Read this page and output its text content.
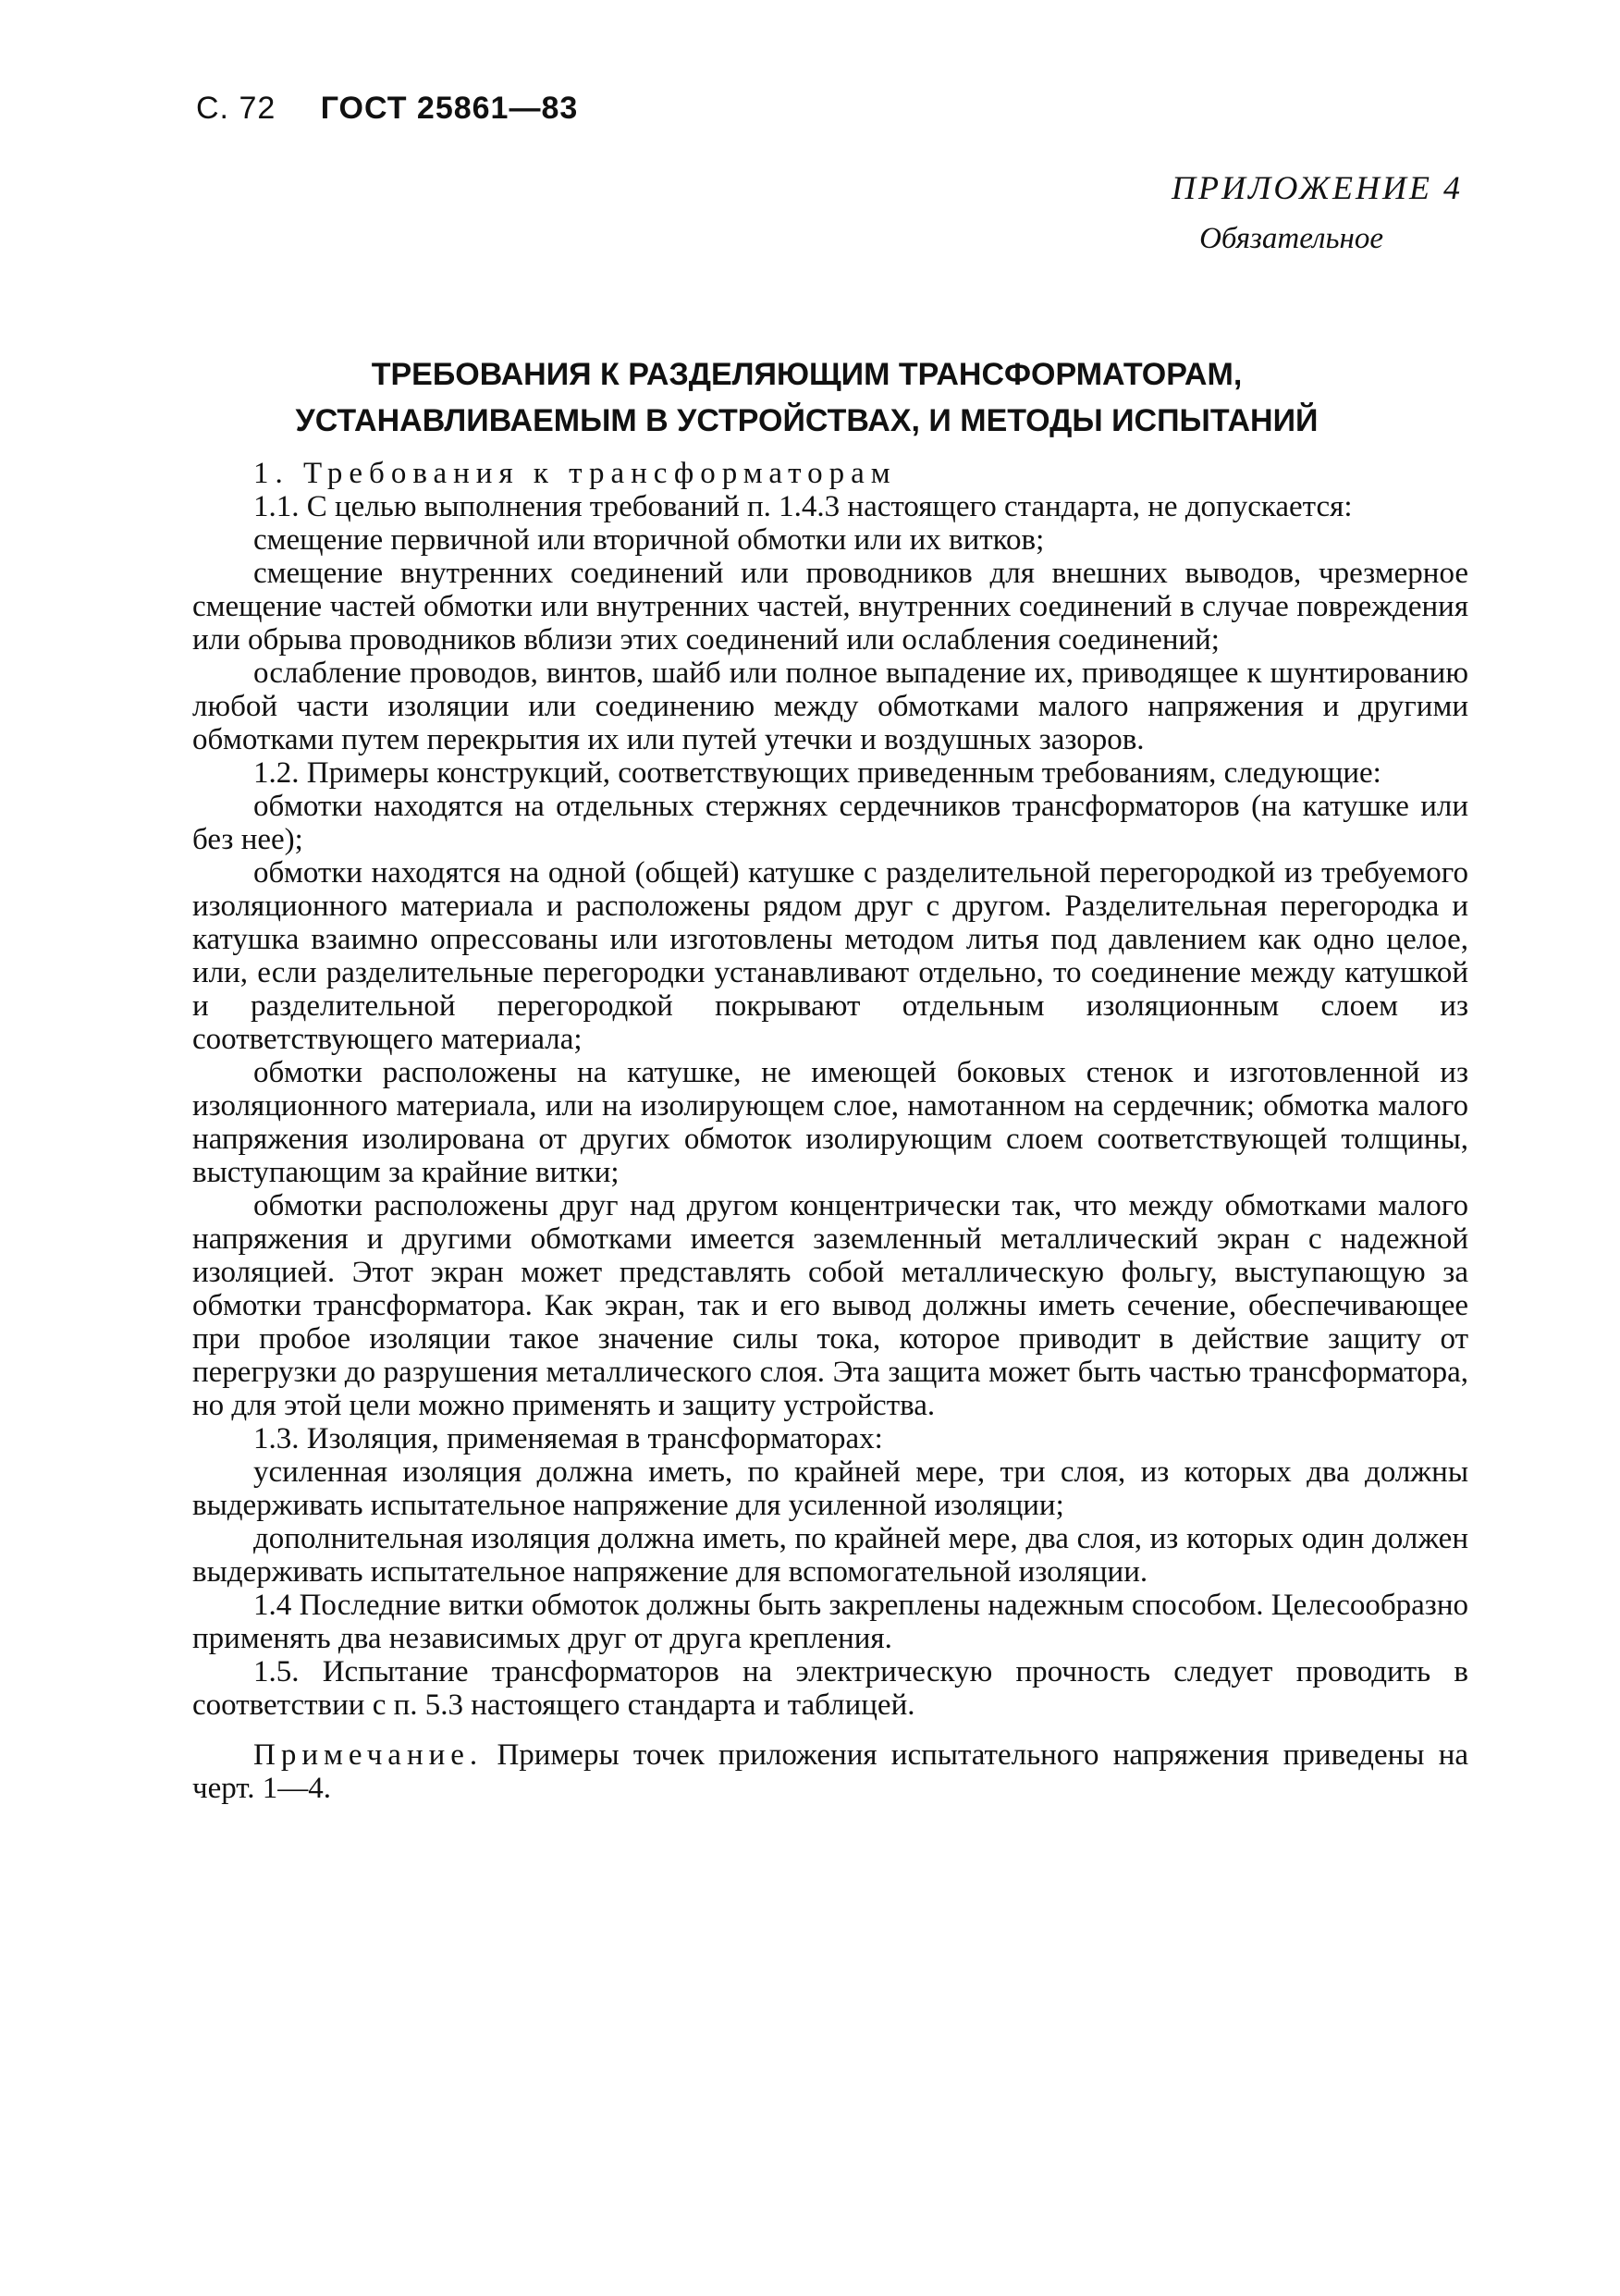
С. 72 ГОСТ 25861—83
ПРИЛОЖЕНИЕ 4
Обязательное
ТРЕБОВАНИЯ К РАЗДЕЛЯЮЩИМ ТРАНСФОРМАТОРАМ,
УСТАНАВЛИВАЕМЫМ В УСТРОЙСТВАХ, И МЕТОДЫ ИСПЫТАНИЙ

1. Требования к трансформаторам

1.1. С целью выполнения требований п. 1.4.3 настоящего стандарта, не допускается:

смещение первичной или вторичной обмотки или их витков;

смещение внутренних соединений или проводников для внешних выводов, чрезмерное смещение частей обмотки или внутренних частей, внутренних соединений в случае повреждения или обрыва проводников вблизи этих соединений или ослабления соединений;

ослабление проводов, винтов, шайб или полное выпадение их, приводящее к шунтированию любой части изоляции или соединению между обмотками малого напряжения и другими обмотками путем перекрытия их или путей утечки и воздушных зазоров.

1.2. Примеры конструкций, соответствующих приведенным требованиям, следующие:

обмотки находятся на отдельных стержнях сердечников трансформаторов (на катушке или без нее);

обмотки находятся на одной (общей) катушке с разделительной перегородкой из требуемого изоляционного материала и расположены рядом друг с другом. Разделительная перегородка и катушка взаимно опрессованы или изготовлены методом литья под давлением как одно целое, или, если разделительные перегородки устанавливают отдельно, то соединение между катушкой и разделительной перегородкой покрывают отдельным изоляционным слоем из соответствующего материала;

обмотки расположены на катушке, не имеющей боковых стенок и изготовленной из изоляционного материала, или на изолирующем слое, намотанном на сердечник; обмотка малого напряжения изолирована от других обмоток изолирующим слоем соответствующей толщины, выступающим за крайние витки;

обмотки расположены друг над другом концентрически так, что между обмотками малого напряжения и другими обмотками имеется заземленный металлический экран с надежной изоляцией. Этот экран может представлять собой металлическую фольгу, выступающую за обмотки трансформатора. Как экран, так и его вывод должны иметь сечение, обеспечивающее при пробое изоляции такое значение силы тока, которое приводит в действие защиту от перегрузки до разрушения металлического слоя. Эта защита может быть частью трансформатора, но для этой цели можно применять и защиту устройства.

1.3. Изоляция, применяемая в трансформаторах:

усиленная изоляция должна иметь, по крайней мере, три слоя, из которых два должны выдерживать испытательное напряжение для усиленной изоляции;

дополнительная изоляция должна иметь, по крайней мере, два слоя, из которых один должен выдерживать испытательное напряжение для вспомогательной изоляции.

1.4 Последние витки обмоток должны быть закреплены надежным способом. Целесообразно применять два независимых друг от друга крепления.

1.5. Испытание трансформаторов на электрическую прочность следует проводить в соответствии с п. 5.3 настоящего стандарта и таблицей.

Примечание. Примеры точек приложения испытательного напряжения приведены на черт. 1—4.
